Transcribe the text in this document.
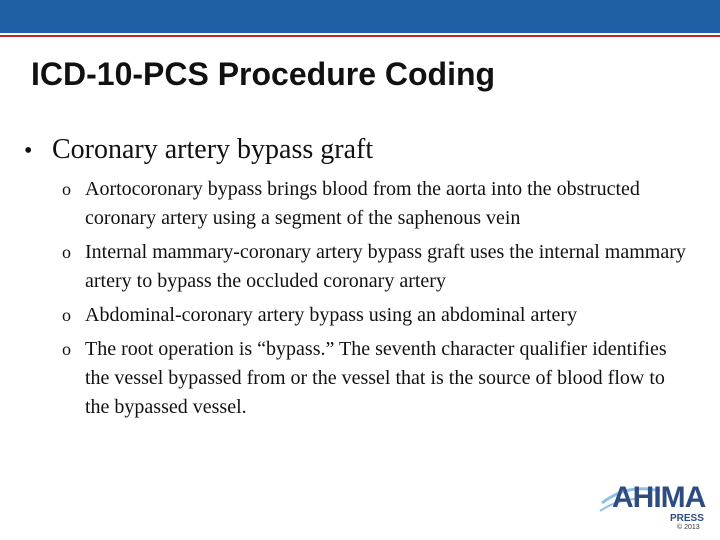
ICD-10-PCS Procedure Coding
• Coronary artery bypass graft
o Aortocoronary bypass brings blood from the aorta into the obstructed coronary artery using a segment of the saphenous vein
o Internal mammary-coronary artery bypass graft uses the internal mammary artery to bypass the occluded coronary artery
o Abdominal-coronary artery bypass using an abdominal artery
o The root operation is “bypass.” The seventh character qualifier identifies the vessel bypassed from or the vessel that is the source of blood flow to the bypassed vessel.
AHIMA
PRESS
© 2013
